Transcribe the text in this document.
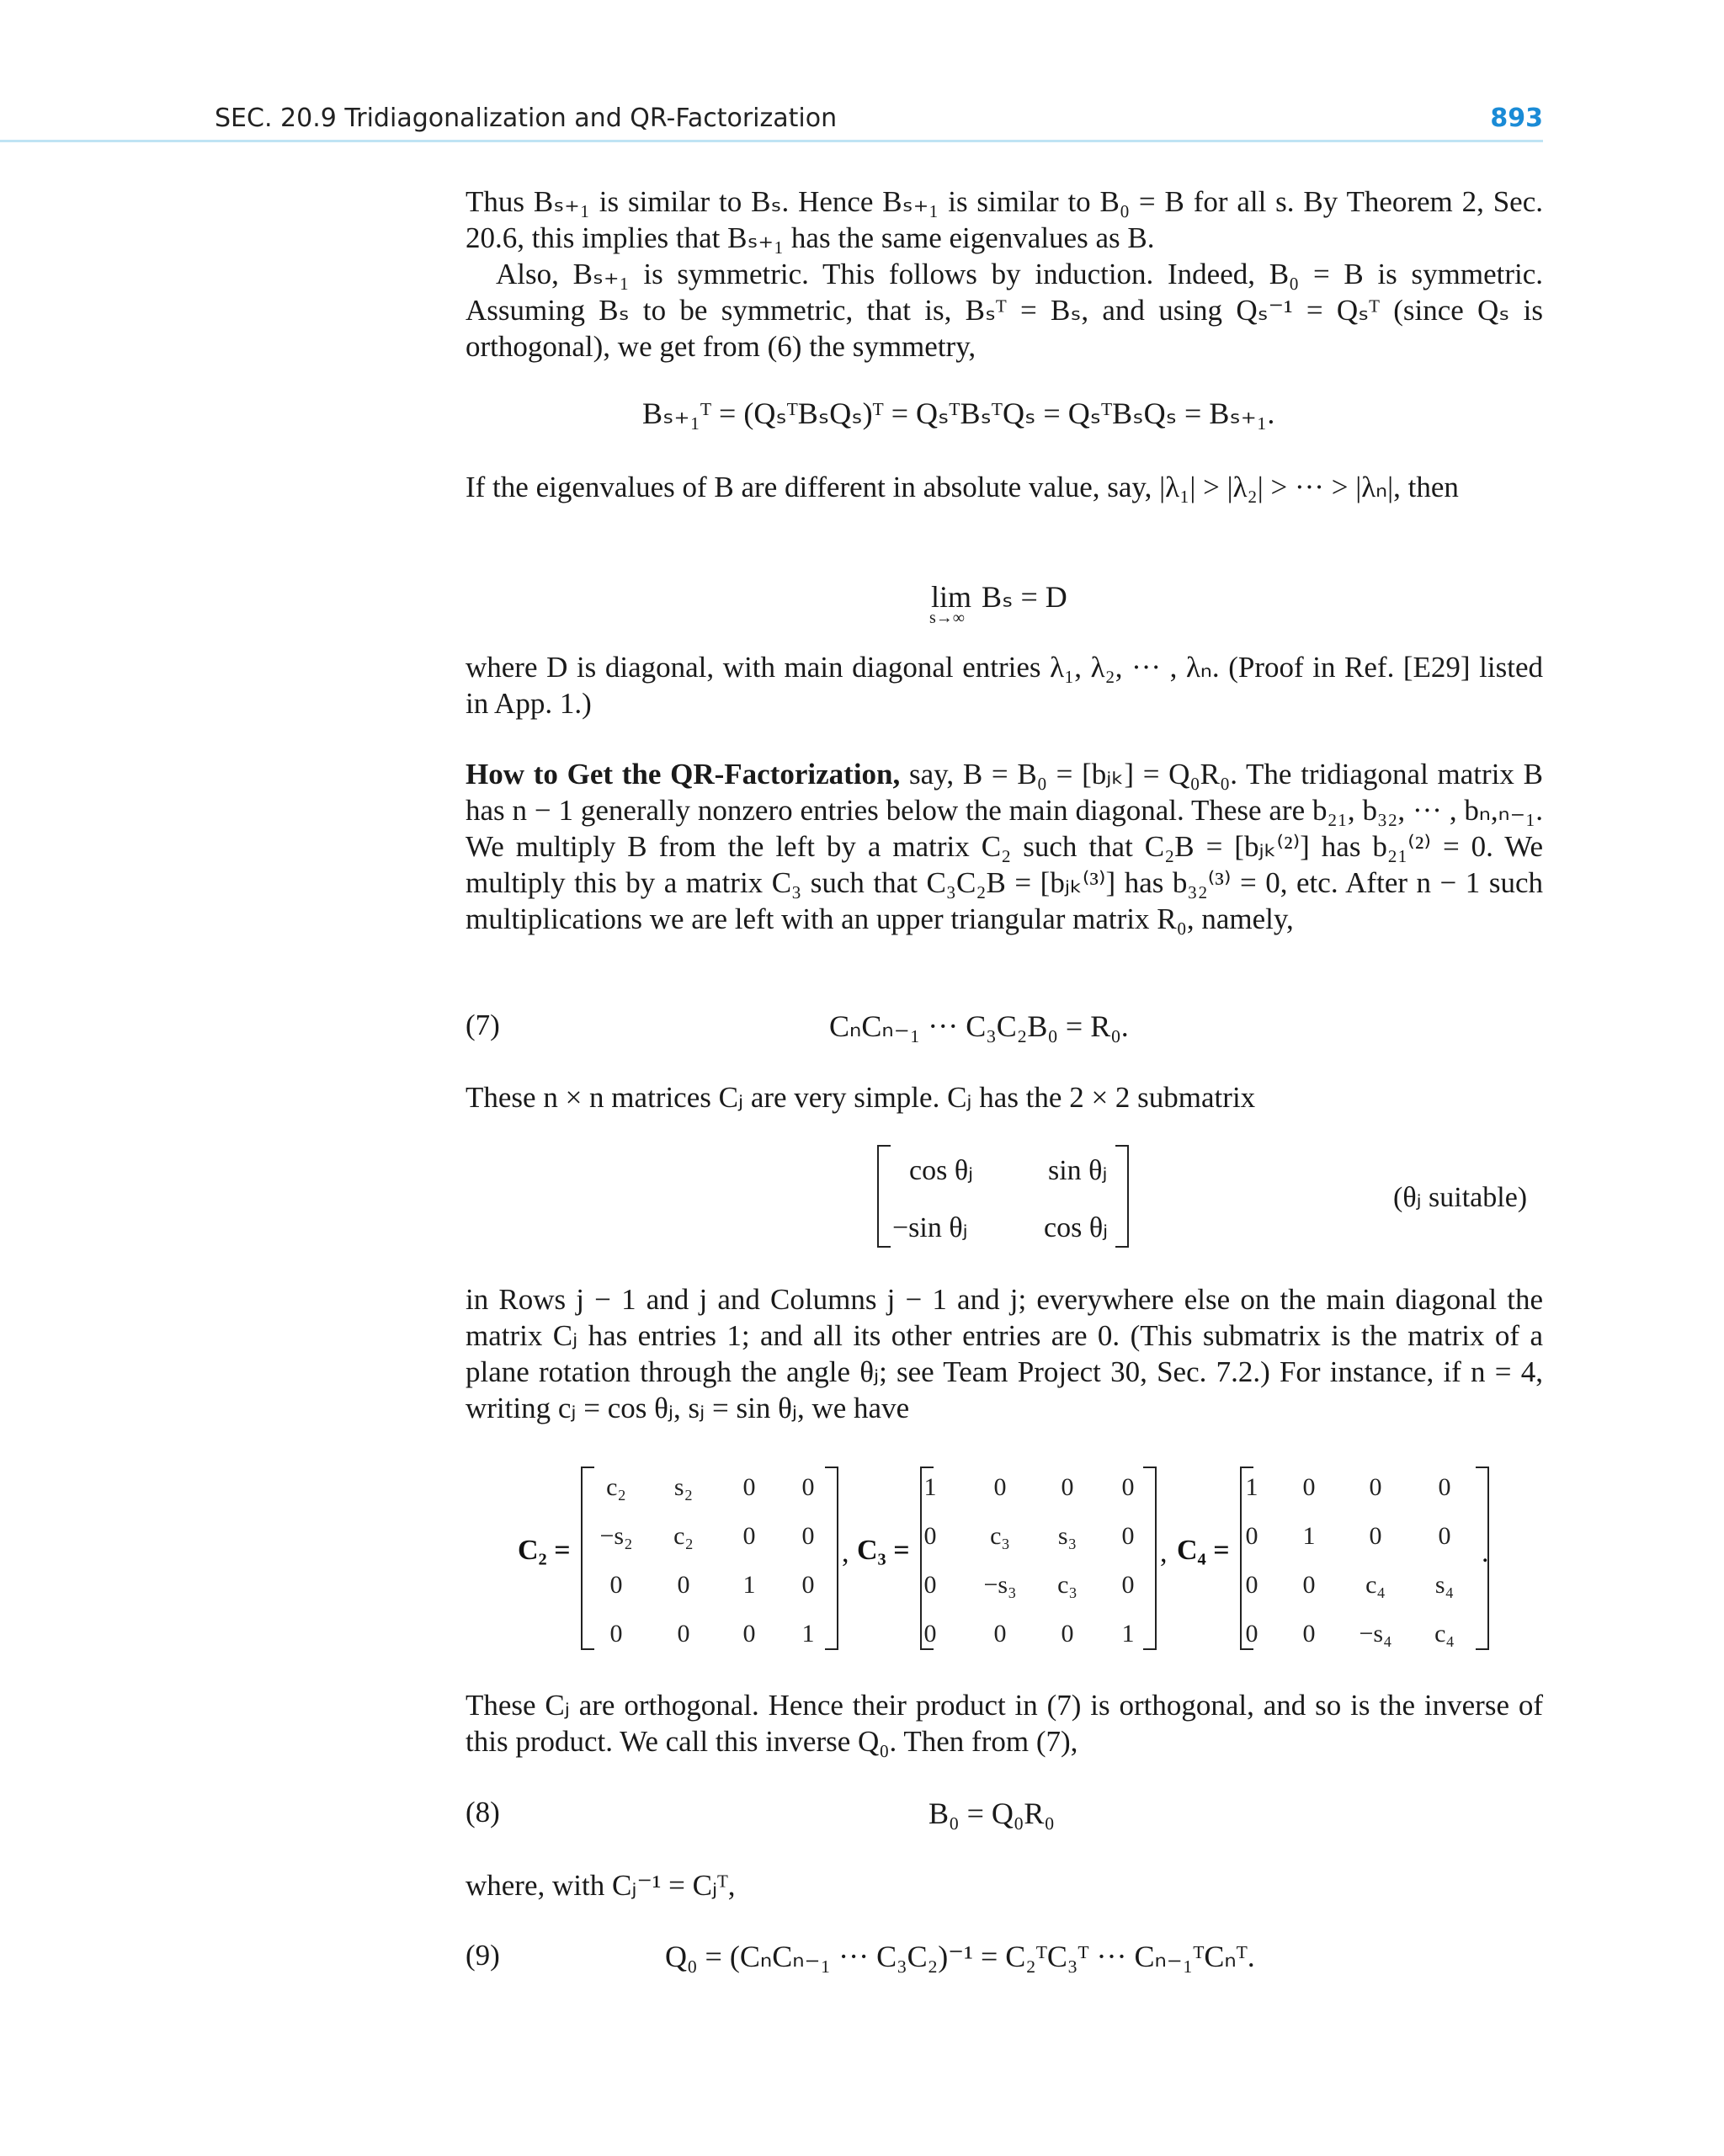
SEC. 20.9 Tridiagonalization and QR-Factorization	893
Thus Bₛ₊₁ is similar to Bₛ. Hence Bₛ₊₁ is similar to B₀ = B for all s. By Theorem 2, Sec. 20.6, this implies that Bₛ₊₁ has the same eigenvalues as B.
Also, Bₛ₊₁ is symmetric. This follows by induction. Indeed, B₀ = B is symmetric. Assuming Bₛ to be symmetric, that is, Bₛᵀ = Bₛ, and using Qₛ⁻¹ = Qₛᵀ (since Qₛ is orthogonal), we get from (6) the symmetry,
Bₛ₊₁ᵀ = (QₛᵀBₛQₛ)ᵀ = QₛᵀBₛᵀQₛ = QₛᵀBₛQₛ = Bₛ₊₁.
If the eigenvalues of B are different in absolute value, say, |λ₁| > |λ₂| > ··· > |λₙ|, then
lim
s→∞
Bₛ = D
where D is diagonal, with main diagonal entries λ₁, λ₂, ··· , λₙ. (Proof in Ref. [E29] listed in App. 1.)
How to Get the QR-Factorization, say, B = B₀ = [bⱼₖ] = Q₀R₀. The tridiagonal matrix B has n − 1 generally nonzero entries below the main diagonal. These are b₂₁, b₃₂, ··· , bₙ,ₙ₋₁. We multiply B from the left by a matrix C₂ such that C₂B = [bⱼₖ⁽²⁾] has b₂₁⁽²⁾ = 0. We multiply this by a matrix C₃ such that C₃C₂B = [bⱼₖ⁽³⁾] has b₃₂⁽³⁾ = 0, etc. After n − 1 such multiplications we are left with an upper triangular matrix R₀, namely,
(7)	CₙCₙ₋₁ ··· C₃C₂B₀ = R₀.
These n × n matrices Cⱼ are very simple. Cⱼ has the 2 × 2 submatrix
cos θⱼ	sin θⱼ
−sin θⱼ	cos θⱼ
(θⱼ suitable)
in Rows j − 1 and j and Columns j − 1 and j; everywhere else on the main diagonal the matrix Cⱼ has entries 1; and all its other entries are 0. (This submatrix is the matrix of a plane rotation through the angle θⱼ; see Team Project 30, Sec. 7.2.) For instance, if n = 4, writing cⱼ = cos θⱼ, sⱼ = sin θⱼ, we have
C₂ =
c₂	s₂	0	0
−s₂	c₂	0	0
0	0	1	0
0	0	0	1
, C₃ =
1	0	0	0
0	c₃	s₃	0
0	−s₃	c₃	0
0	0	0	1
, C₄ =
1	0	0	0
0	1	0	0
0	0	c₄	s₄
0	0	−s₄	c₄
.
These Cⱼ are orthogonal. Hence their product in (7) is orthogonal, and so is the inverse of this product. We call this inverse Q₀. Then from (7),
(8)	B₀ = Q₀R₀
where, with Cⱼ⁻¹ = Cⱼᵀ,
(9)	Q₀ = (CₙCₙ₋₁ ··· C₃C₂)⁻¹ = C₂ᵀC₃ᵀ ··· Cₙ₋₁ᵀCₙᵀ.
